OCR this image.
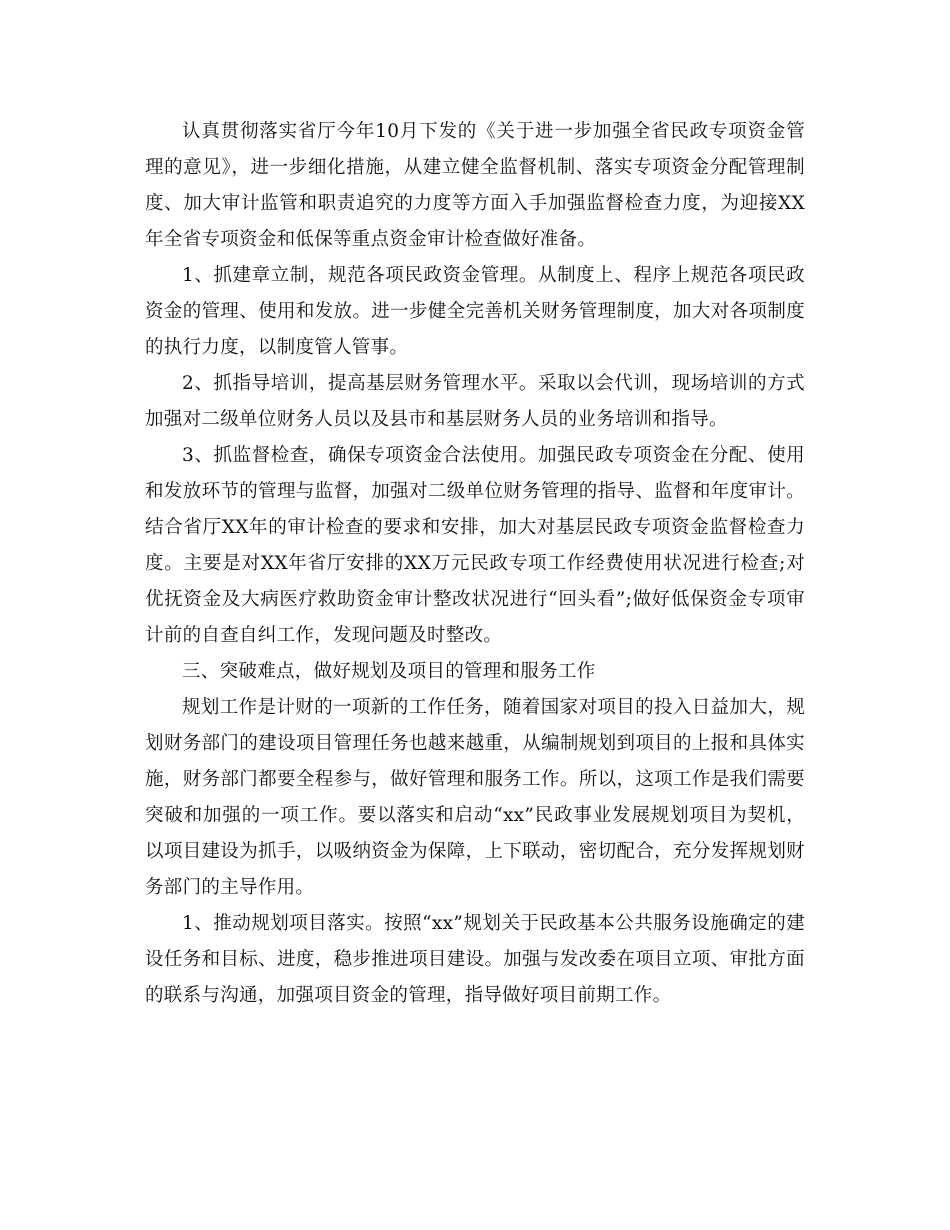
认真贯彻落实省厅今年10月下发的《关于进一步加强全省民政专项资金管理的意见》，进一步细化措施，从建立健全监督机制、落实专项资金分配管理制度、加大审计监管和职责追究的力度等方面入手加强监督检查力度，为迎接XX年全省专项资金和低保等重点资金审计检查做好准备。

1、抓建章立制，规范各项民政资金管理。从制度上、程序上规范各项民政资金的管理、使用和发放。进一步健全完善机关财务管理制度，加大对各项制度的执行力度，以制度管人管事。

2、抓指导培训，提高基层财务管理水平。采取以会代训，现场培训的方式加强对二级单位财务人员以及县市和基层财务人员的业务培训和指导。

3、抓监督检查，确保专项资金合法使用。加强民政专项资金在分配、使用和发放环节的管理与监督，加强对二级单位财务管理的指导、监督和年度审计。结合省厅XX年的审计检查的要求和安排，加大对基层民政专项资金监督检查力度。主要是对XX年省厅安排的XX万元民政专项工作经费使用状况进行检查;对优抚资金及大病医疗救助资金审计整改状况进行“回头看”;做好低保资金专项审计前的自查自纠工作，发现问题及时整改。

三、突破难点，做好规划及项目的管理和服务工作

规划工作是计财的一项新的工作任务，随着国家对项目的投入日益加大，规划财务部门的建设项目管理任务也越来越重，从编制规划到项目的上报和具体实施，财务部门都要全程参与，做好管理和服务工作。所以，这项工作是我们需要突破和加强的一项工作。要以落实和启动“xx”民政事业发展规划项目为契机，以项目建设为抓手，以吸纳资金为保障，上下联动，密切配合，充分发挥规划财务部门的主导作用。

1、推动规划项目落实。按照“xx”规划关于民政基本公共服务设施确定的建设任务和目标、进度，稳步推进项目建设。加强与发改委在项目立项、审批方面的联系与沟通，加强项目资金的管理，指导做好项目前期工作。
